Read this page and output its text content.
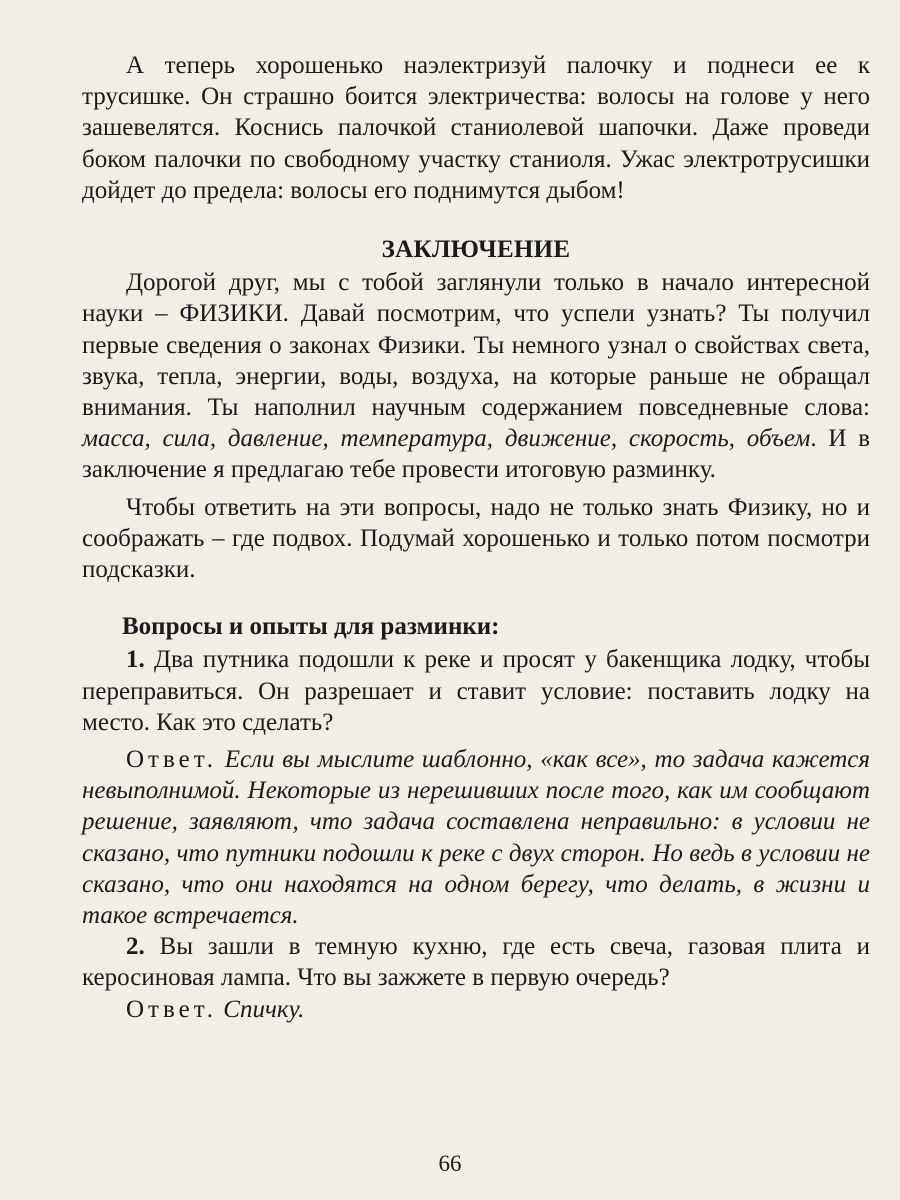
А теперь хорошенько наэлектризуй палочку и поднеси ее к трусишке. Он страшно боится электричества: волосы на голове у него зашевелятся. Коснись палочкой станиолевой шапочки. Даже проведи боком палочки по свободному участку станиоля. Ужас электротрусишки дойдет до предела: волосы его поднимутся дыбом!

ЗАКЛЮЧЕНИЕ

Дорогой друг, мы с тобой заглянули только в начало интересной науки – ФИЗИКИ. Давай посмотрим, что успели узнать? Ты получил первые сведения о законах Физики. Ты немного узнал о свойствах света, звука, тепла, энергии, воды, воздуха, на которые раньше не обращал внимания. Ты наполнил научным содержанием повседневные слова: масса, сила, давление, температура, движение, скорость, объем. И в заключение я предлагаю тебе провести итоговую разминку.

Чтобы ответить на эти вопросы, надо не только знать Физику, но и соображать – где подвох. Подумай хорошенько и только потом посмотри подсказки.

Вопросы и опыты для разминки:

1. Два путника подошли к реке и просят у бакенщика лодку, чтобы переправиться. Он разрешает и ставит условие: поставить лодку на место. Как это сделать?

Ответ. Если вы мыслите шаблонно, «как все», то задача кажется невыполнимой. Некоторые из нерешивших после того, как им сообщают решение, заявляют, что задача составлена неправильно: в условии не сказано, что путники подошли к реке с двух сторон. Но ведь в условии не сказано, что они находятся на одном берегу, что делать, в жизни и такое встречается.

2. Вы зашли в темную кухню, где есть свеча, газовая плита и керосиновая лампа. Что вы зажжете в первую очередь?

Ответ. Спичку.

66
